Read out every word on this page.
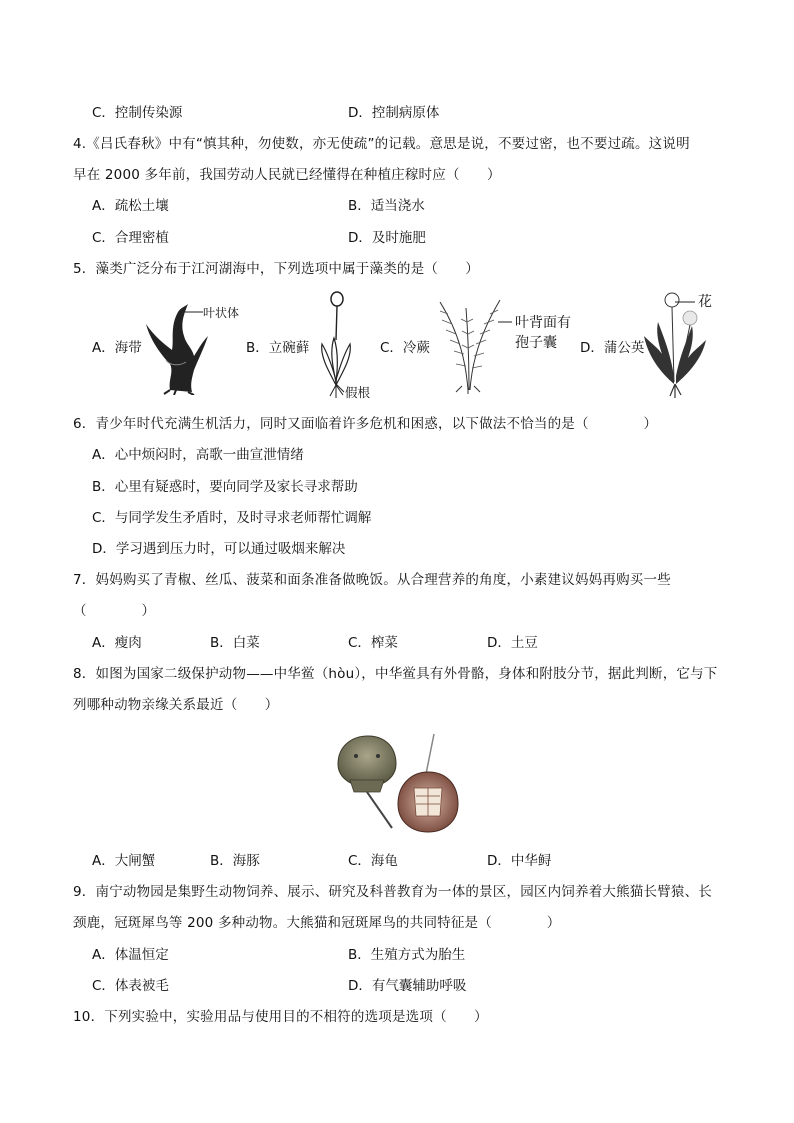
C．控制传染源	D．控制病原体
4.《吕氏春秋》中有“慎其种，勿使数，亦无使疏”的记载。意思是说，不要过密，也不要过疏。这说明
早在 2000 多年前，我国劳动人民就已经懂得在种植庄稼时应（　　）
A．疏松土壤	B．适当浇水
C．合理密植	D．及时施肥
5．藻类广泛分布于江河湖海中，下列选项中属于藻类的是（　　）
A．海带
叶状体
B．立碗藓
假根
C．冷蕨
叶背面有
孢子囊 D．蒲公英
花
6．青少年时代充满生机活力，同时又面临着许多危机和困惑，以下做法不恰当的是（　　　　）
A．心中烦闷时，高歌一曲宣泄情绪
B．心里有疑惑时，要向同学及家长寻求帮助
C．与同学发生矛盾时，及时寻求老师帮忙调解
D．学习遇到压力时，可以通过吸烟来解决
7．妈妈购买了青椒、丝瓜、菠菜和面条准备做晚饭。从合理营养的角度，小素建议妈妈再购买一些
（　　　　）
A．瘦肉	B．白菜	C．榨菜	D．土豆
8．如图为国家二级保护动物——中华鲎（hòu），中华鲎具有外骨骼，身体和附肢分节，据此判断，它与下
列哪种动物亲缘关系最近（　　）
A．大闸蟹	B．海豚	C．海龟	D．中华鲟
9．南宁动物园是集野生动物饲养、展示、研究及科普教育为一体的景区，园区内饲养着大熊猫长臂猿、长
颈鹿，冠斑犀鸟等 200 多种动物。大熊猫和冠斑犀鸟的共同特征是（　　　　）
A．体温恒定	B．生殖方式为胎生
C．体表被毛	D．有气囊辅助呼吸
10．下列实验中，实验用品与使用目的不相符的选项是选项（　　）
